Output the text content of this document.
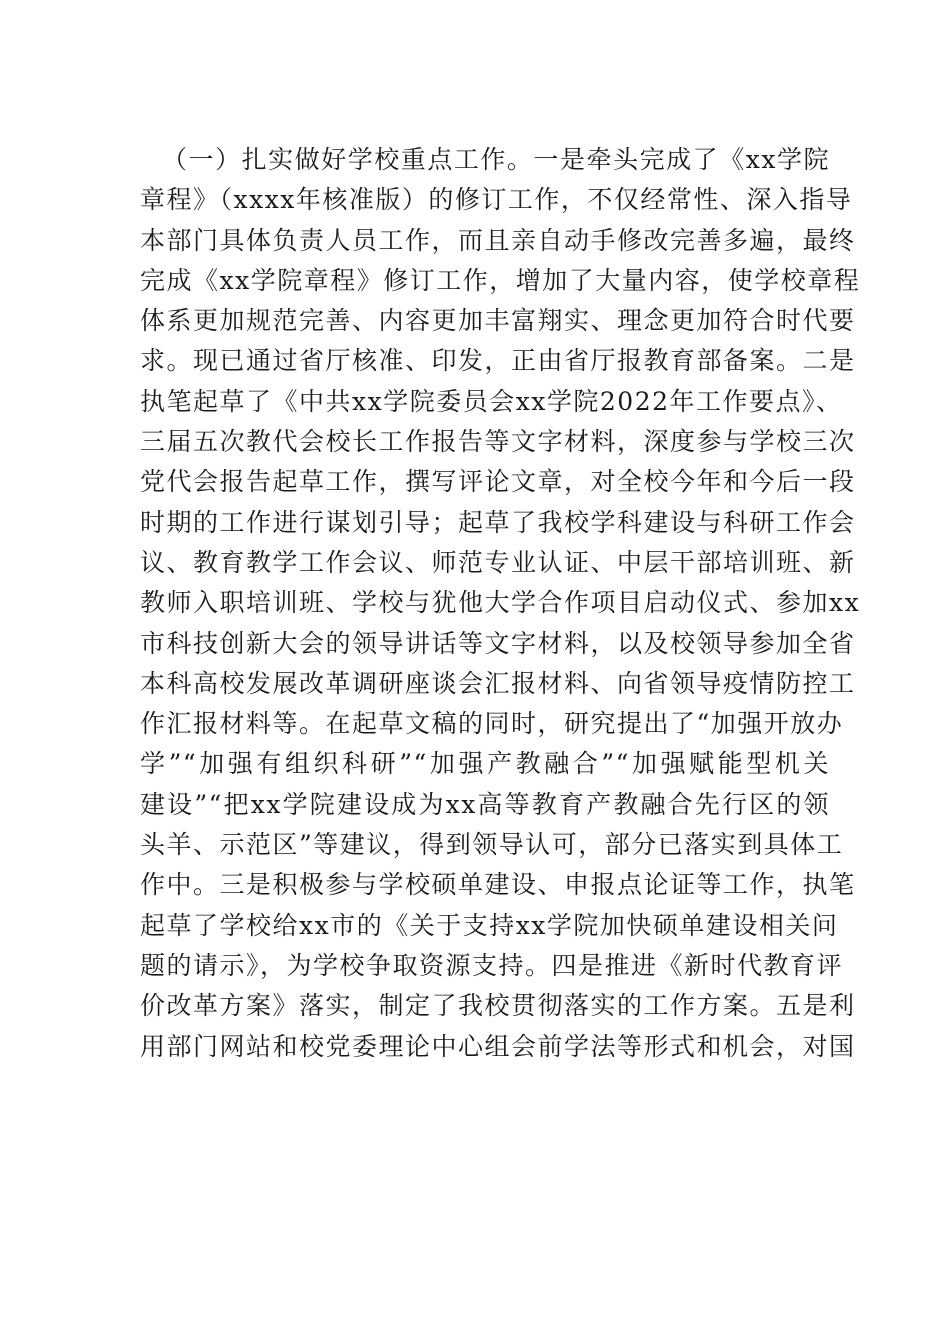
（一）扎实做好学校重点工作。一是牵头完成了《xx学院
章程》（xxxx年核准版）的修订工作，不仅经常性、深入指导
本部门具体负责人员工作，而且亲自动手修改完善多遍，最终
完成《xx学院章程》修订工作，增加了大量内容，使学校章程
体系更加规范完善、内容更加丰富翔实、理念更加符合时代要
求。现已通过省厅核准、印发，正由省厅报教育部备案。二是
执笔起草了《中共xx学院委员会xx学院2022年工作要点》、
三届五次教代会校长工作报告等文字材料，深度参与学校三次
党代会报告起草工作，撰写评论文章，对全校今年和今后一段
时期的工作进行谋划引导；起草了我校学科建设与科研工作会
议、教育教学工作会议、师范专业认证、中层干部培训班、新
教师入职培训班、学校与犹他大学合作项目启动仪式、参加xx
市科技创新大会的领导讲话等文字材料，以及校领导参加全省
本科高校发展改革调研座谈会汇报材料、向省领导疫情防控工
作汇报材料等。在起草文稿的同时，研究提出了“加强开放办
学”“加强有组织科研”“加强产教融合”“加强赋能型机关
建设”“把xx学院建设成为xx高等教育产教融合先行区的领
头羊、示范区”等建议，得到领导认可，部分已落实到具体工
作中。三是积极参与学校硕单建设、申报点论证等工作，执笔
起草了学校给xx市的《关于支持xx学院加快硕单建设相关问
题的请示》，为学校争取资源支持。四是推进《新时代教育评
价改革方案》落实，制定了我校贯彻落实的工作方案。五是利
用部门网站和校党委理论中心组会前学法等形式和机会，对国
